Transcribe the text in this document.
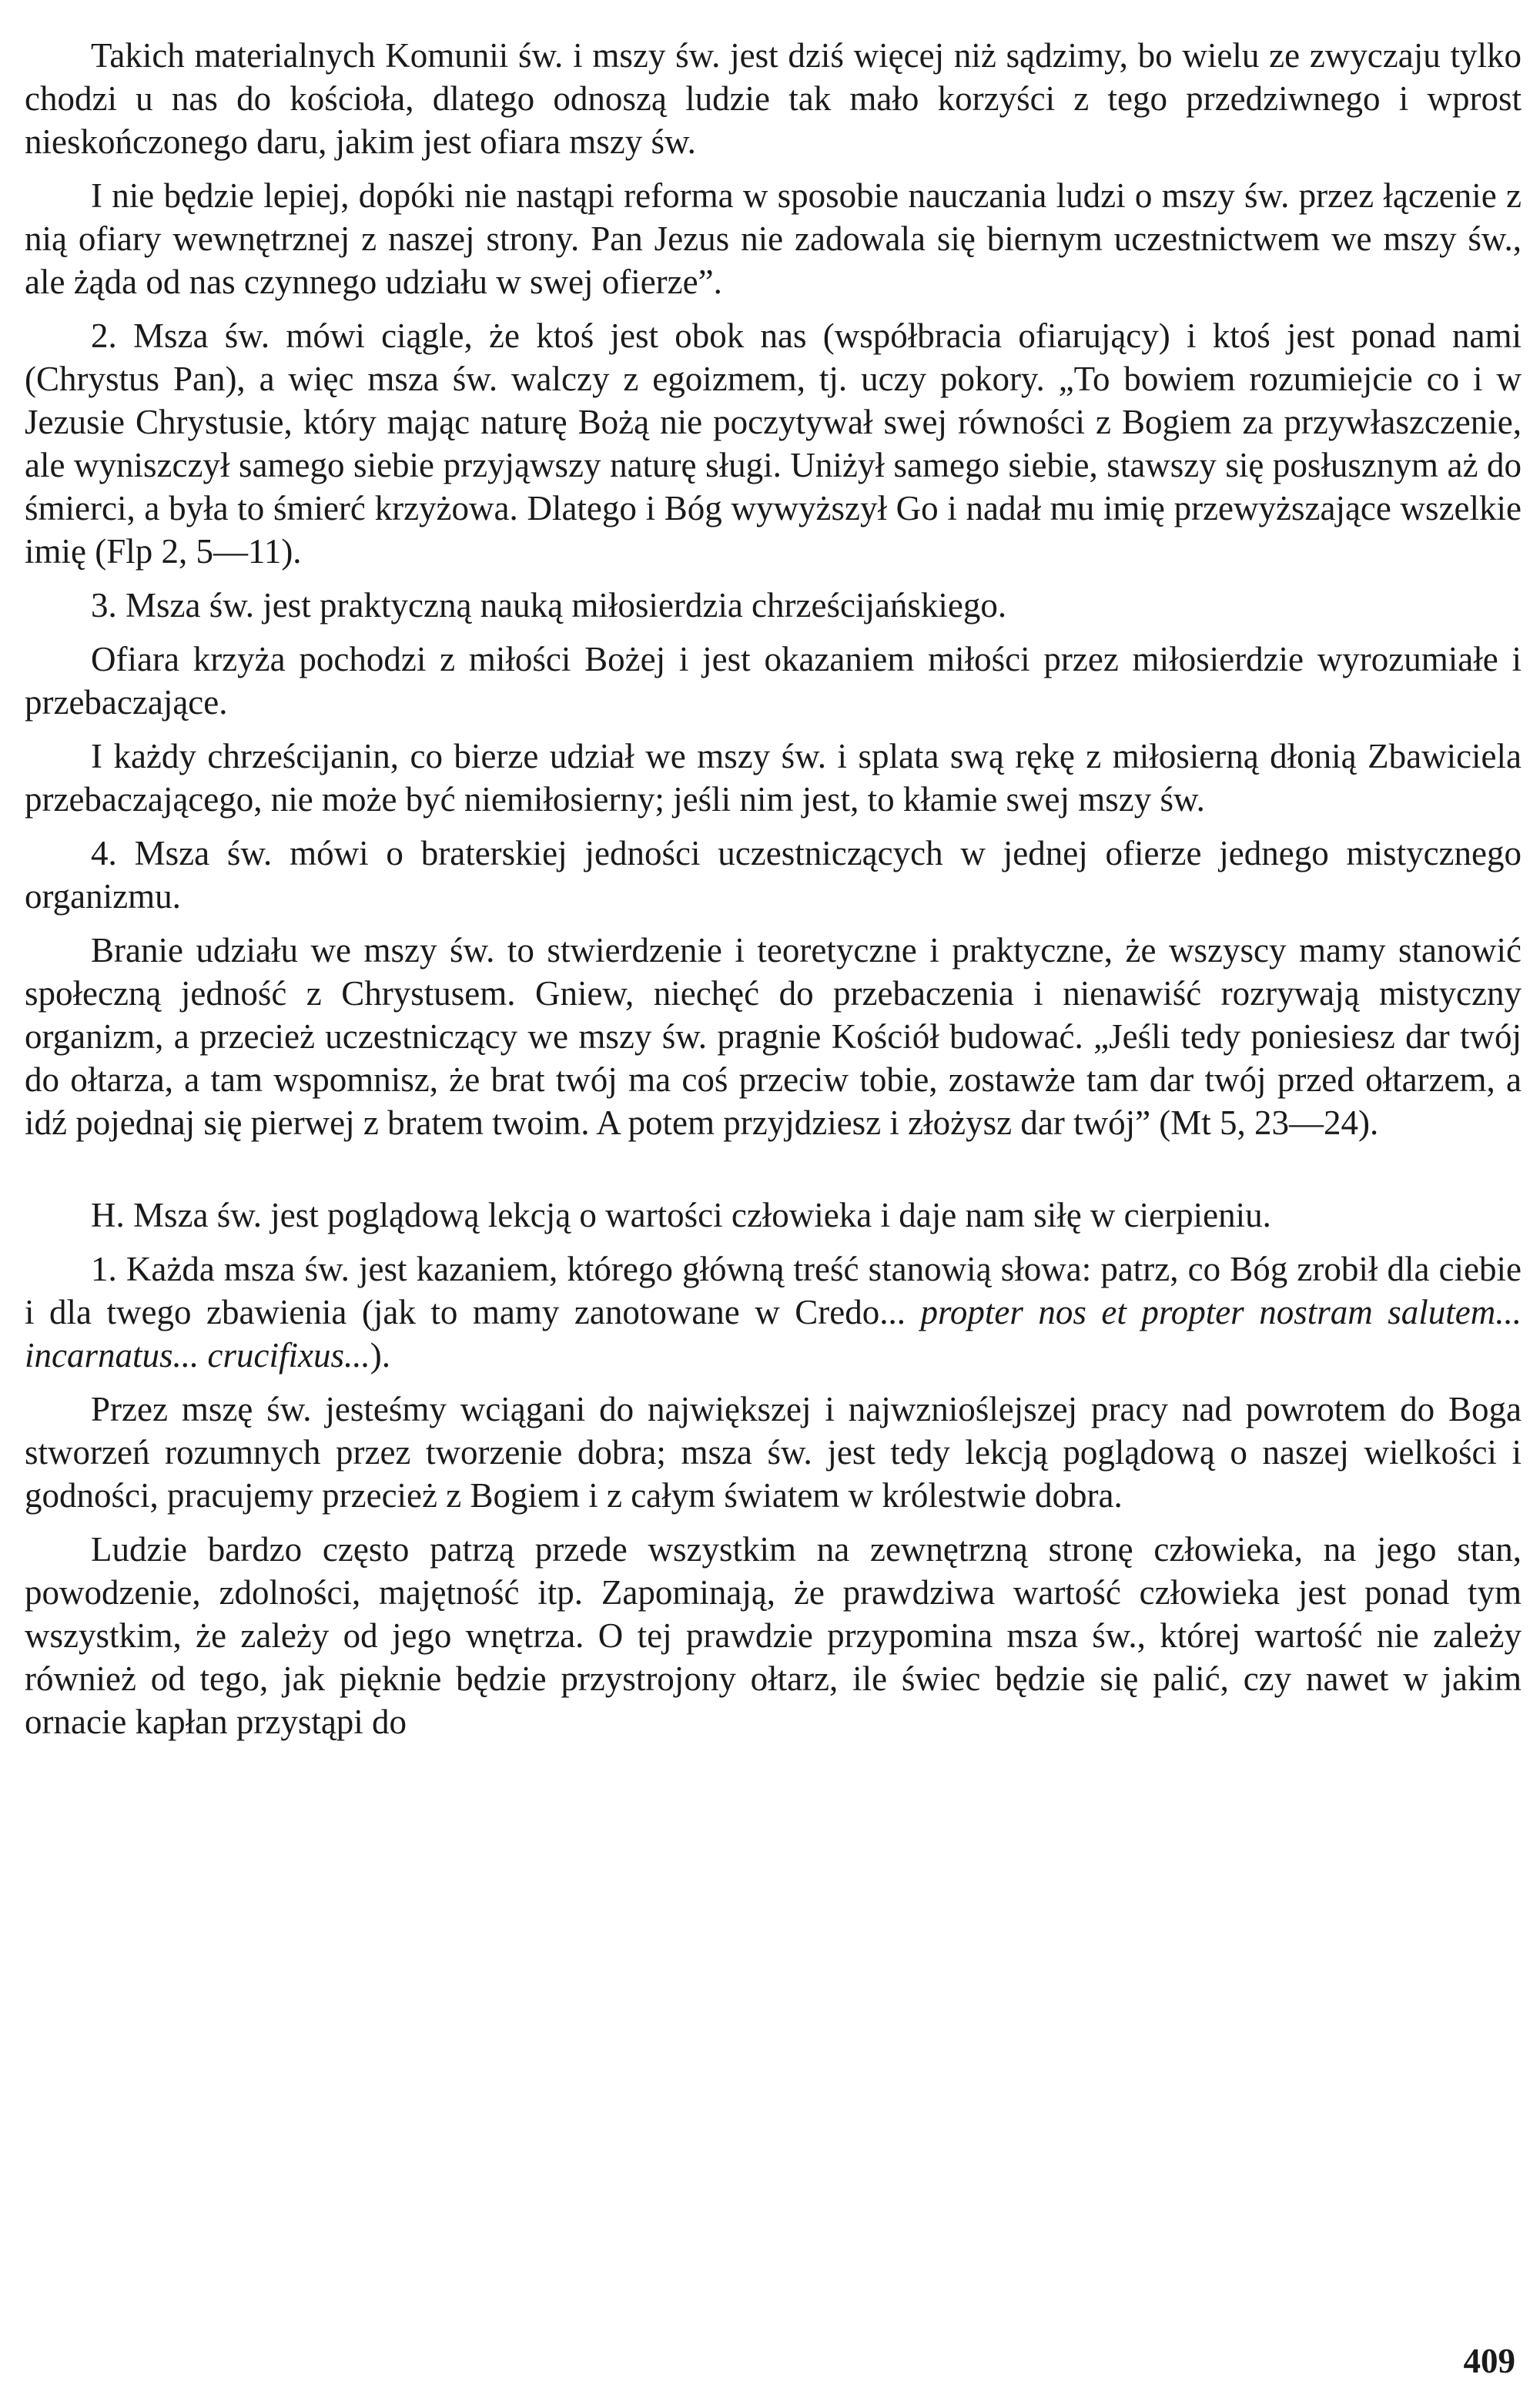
Takich materialnych Komunii św. i mszy św. jest dziś więcej niż sądzimy, bo wielu ze zwyczaju tylko chodzi u nas do kościoła, dlatego odnoszą ludzie tak mało korzyści z tego przedziwnego i wprost nieskończonego daru, jakim jest ofiara mszy św.

I nie będzie lepiej, dopóki nie nastąpi reforma w sposobie nauczania ludzi o mszy św. przez łączenie z nią ofiary wewnętrznej z naszej strony. Pan Jezus nie zadowala się biernym uczestnictwem we mszy św., ale żąda od nas czynnego udziału w swej ofierze”.

2. Msza św. mówi ciągle, że ktoś jest obok nas (współbracia ofiarujący) i ktoś jest ponad nami (Chrystus Pan), a więc msza św. walczy z egoizmem, tj. uczy pokory. „To bowiem rozumiejcie co i w Jezusie Chrystusie, który mając naturę Bożą nie poczytywał swej równości z Bogiem za przywłaszczenie, ale wyniszczył samego siebie przyjąwszy naturę sługi. Uniżył samego siebie, stawszy się posłusznym aż do śmierci, a była to śmierć krzyżowa. Dlatego i Bóg wywyższył Go i nadał mu imię przewyższające wszelkie imię (Flp 2, 5—11).

3. Msza św. jest praktyczną nauką miłosierdzia chrześcijańskiego.

Ofiara krzyża pochodzi z miłości Bożej i jest okazaniem miłości przez miłosierdzie wyrozumiałe i przebaczające.

I każdy chrześcijanin, co bierze udział we mszy św. i splata swą rękę z miłosierną dłonią Zbawiciela przebaczającego, nie może być niemiłosierny; jeśli nim jest, to kłamie swej mszy św.

4. Msza św. mówi o braterskiej jedności uczestniczących w jednej ofierze jednego mistycznego organizmu.

Branie udziału we mszy św. to stwierdzenie i teoretyczne i praktyczne, że wszyscy mamy stanowić społeczną jedność z Chrystusem. Gniew, niechęć do przebaczenia i nienawiść rozrywają mistyczny organizm, a przecież uczestniczący we mszy św. pragnie Kościół budować. „Jeśli tedy poniesiesz dar twój do ołtarza, a tam wspomnisz, że brat twój ma coś przeciw tobie, zostawże tam dar twój przed ołtarzem, a idź pojednaj się pierwej z bratem twoim. A potem przyjdziesz i złożysz dar twój” (Mt 5, 23—24).

H. Msza św. jest poglądową lekcją o wartości człowieka i daje nam siłę w cierpieniu.

1. Każda msza św. jest kazaniem, którego główną treść stanowią słowa: patrz, co Bóg zrobił dla ciebie i dla twego zbawienia (jak to mamy zanotowane w Credo... propter nos et propter nostram salutem... incarnatus... crucifixus...).

Przez mszę św. jesteśmy wciągani do największej i najwznioślejszej pracy nad powrotem do Boga stworzeń rozumnych przez tworzenie dobra; msza św. jest tedy lekcją poglądową o naszej wielkości i godności, pracujemy przecież z Bogiem i z całym światem w królestwie dobra.

Ludzie bardzo często patrzą przede wszystkim na zewnętrzną stronę człowieka, na jego stan, powodzenie, zdolności, majętność itp. Zapominają, że prawdziwa wartość człowieka jest ponad tym wszystkim, że zależy od jego wnętrza. O tej prawdzie przypomina msza św., której wartość nie zależy również od tego, jak pięknie będzie przystrojony ołtarz, ile świec będzie się palić, czy nawet w jakim ornacie kapłan przystąpi do

409
